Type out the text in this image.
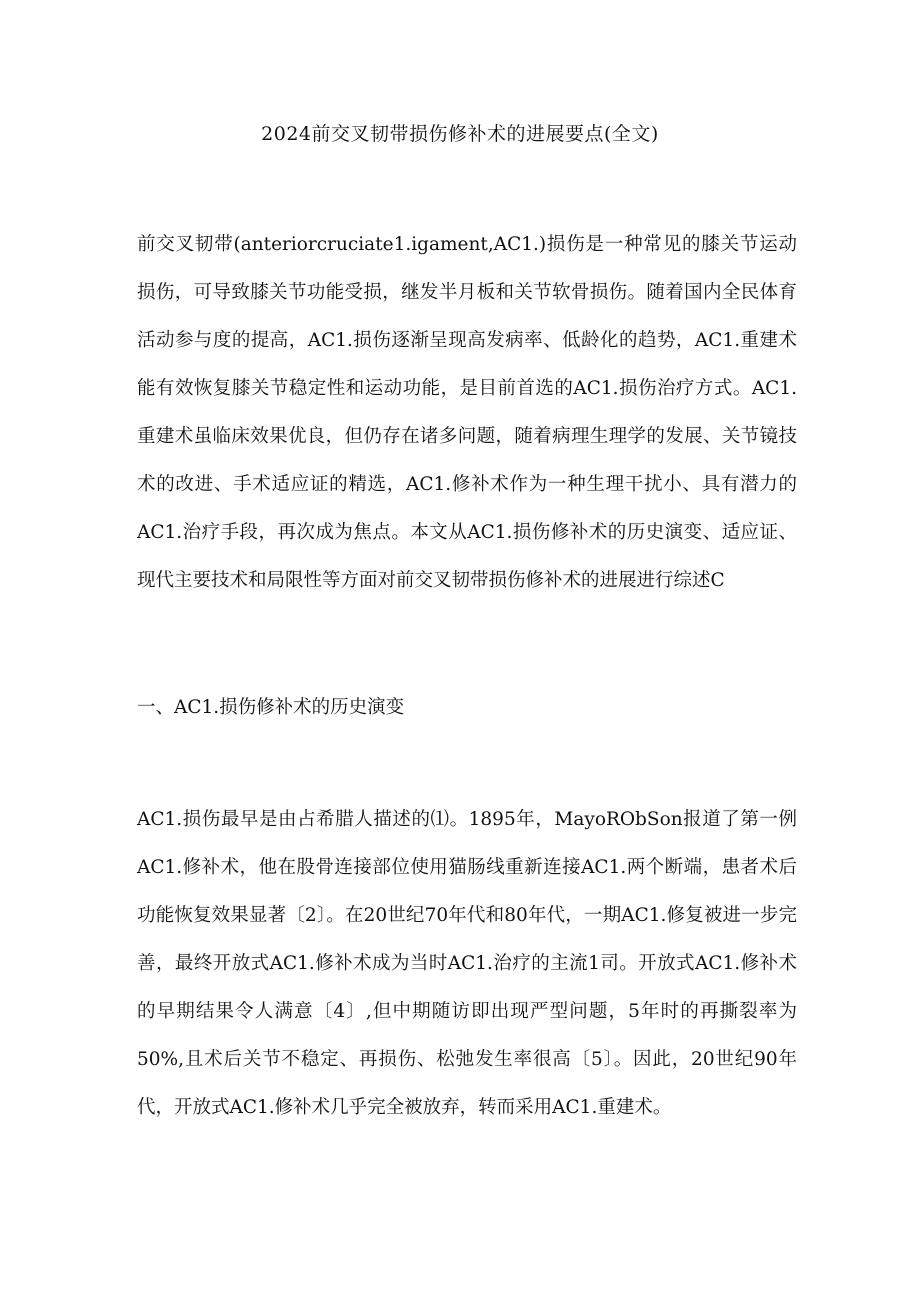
2024前交叉韧带损伤修补术的进展要点(全文)

前交叉韧带(anteriorcruciate1.igament,AC1.)损伤是一种常见的膝关节运动损伤，可导致膝关节功能受损，继发半月板和关节软骨损伤。随着国内全民体育活动参与度的提高，AC1.损伤逐渐呈现高发病率、低龄化的趋势，AC1.重建术能有效恢复膝关节稳定性和运动功能，是目前首选的AC1.损伤治疗方式。AC1.重建术虽临床效果优良，但仍存在诸多问题，随着病理生理学的发展、关节镜技术的改进、手术适应证的精选，AC1.修补术作为一种生理干扰小、具有潜力的AC1.治疗手段，再次成为焦点。本文从AC1.损伤修补术的历史演变、适应证、现代主要技术和局限性等方面对前交叉韧带损伤修补术的进展进行综述C

一、AC1.损伤修补术的历史演变

AC1.损伤最早是由占希腊人描述的⑴。1895年，MayoRObSon报道了第一例AC1.修补术，他在股骨连接部位使用猫肠线重新连接AC1.两个断端，患者术后功能恢复效果显著〔2〕。在20世纪70年代和80年代，一期AC1.修复被进一步完善，最终开放式AC1.修补术成为当时AC1.治疗的主流1司。开放式AC1.修补术的早期结果令人满意〔4〕,但中期随访即出现严型问题，5年时的再撕裂率为50%,且术后关节不稳定、再损伤、松弛发生率很高〔5〕。因此，20世纪90年代，开放式AC1.修补术几乎完全被放弃，转而采用AC1.重建术。
